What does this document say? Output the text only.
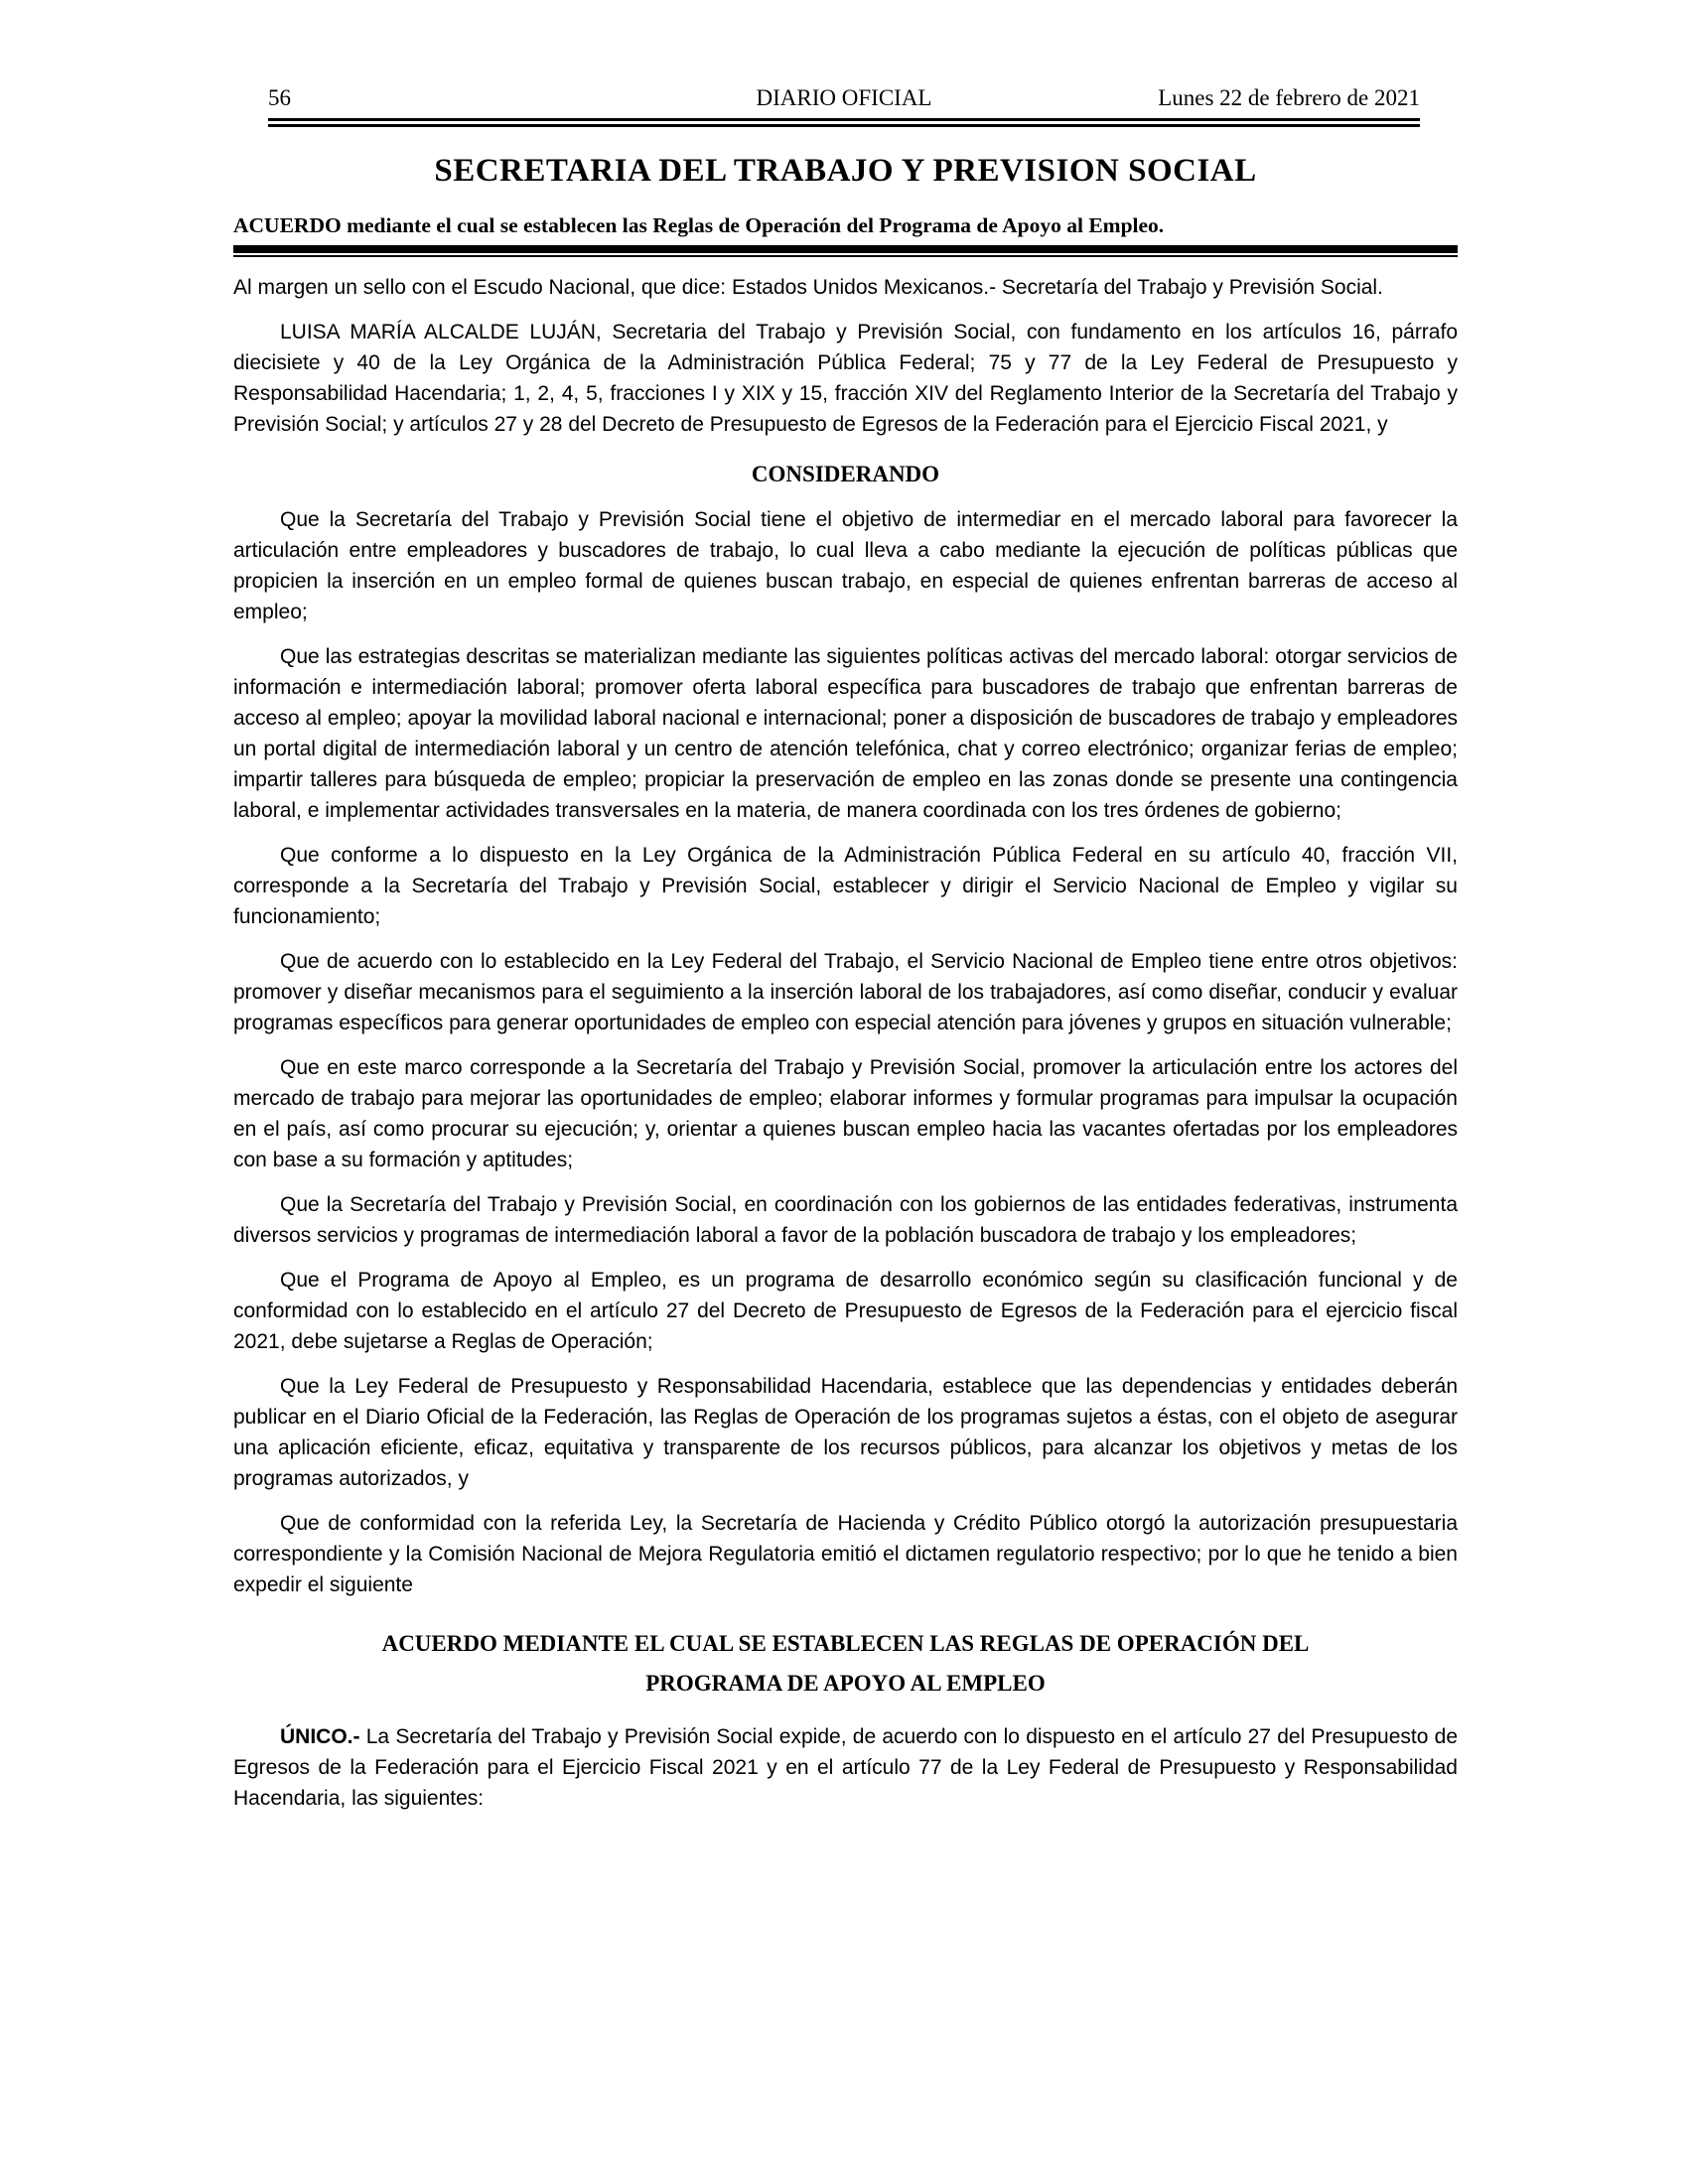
56	DIARIO OFICIAL	Lunes 22 de febrero de 2021
SECRETARIA DEL TRABAJO Y PREVISION SOCIAL

ACUERDO mediante el cual se establecen las Reglas de Operación del Programa de Apoyo al Empleo.

Al margen un sello con el Escudo Nacional, que dice: Estados Unidos Mexicanos.- Secretaría del Trabajo y Previsión Social.

LUISA MARÍA ALCALDE LUJÁN, Secretaria del Trabajo y Previsión Social, con fundamento en los artículos 16, párrafo diecisiete y 40 de la Ley Orgánica de la Administración Pública Federal; 75 y 77 de la Ley Federal de Presupuesto y Responsabilidad Hacendaria; 1, 2, 4, 5, fracciones I y XIX y 15, fracción XIV del Reglamento Interior de la Secretaría del Trabajo y Previsión Social; y artículos 27 y 28 del Decreto de Presupuesto de Egresos de la Federación para el Ejercicio Fiscal 2021, y

CONSIDERANDO

Que la Secretaría del Trabajo y Previsión Social tiene el objetivo de intermediar en el mercado laboral para favorecer la articulación entre empleadores y buscadores de trabajo, lo cual lleva a cabo mediante la ejecución de políticas públicas que propicien la inserción en un empleo formal de quienes buscan trabajo, en especial de quienes enfrentan barreras de acceso al empleo;

Que las estrategias descritas se materializan mediante las siguientes políticas activas del mercado laboral: otorgar servicios de información e intermediación laboral; promover oferta laboral específica para buscadores de trabajo que enfrentan barreras de acceso al empleo; apoyar la movilidad laboral nacional e internacional; poner a disposición de buscadores de trabajo y empleadores un portal digital de intermediación laboral y un centro de atención telefónica, chat y correo electrónico; organizar ferias de empleo; impartir talleres para búsqueda de empleo; propiciar la preservación de empleo en las zonas donde se presente una contingencia laboral, e implementar actividades transversales en la materia, de manera coordinada con los tres órdenes de gobierno;

Que conforme a lo dispuesto en la Ley Orgánica de la Administración Pública Federal en su artículo 40, fracción VII, corresponde a la Secretaría del Trabajo y Previsión Social, establecer y dirigir el Servicio Nacional de Empleo y vigilar su funcionamiento;

Que de acuerdo con lo establecido en la Ley Federal del Trabajo, el Servicio Nacional de Empleo tiene entre otros objetivos: promover y diseñar mecanismos para el seguimiento a la inserción laboral de los trabajadores, así como diseñar, conducir y evaluar programas específicos para generar oportunidades de empleo con especial atención para jóvenes y grupos en situación vulnerable;

Que en este marco corresponde a la Secretaría del Trabajo y Previsión Social, promover la articulación entre los actores del mercado de trabajo para mejorar las oportunidades de empleo; elaborar informes y formular programas para impulsar la ocupación en el país, así como procurar su ejecución; y, orientar a quienes buscan empleo hacia las vacantes ofertadas por los empleadores con base a su formación y aptitudes;

Que la Secretaría del Trabajo y Previsión Social, en coordinación con los gobiernos de las entidades federativas, instrumenta diversos servicios y programas de intermediación laboral a favor de la población buscadora de trabajo y los empleadores;

Que el Programa de Apoyo al Empleo, es un programa de desarrollo económico según su clasificación funcional y de conformidad con lo establecido en el artículo 27 del Decreto de Presupuesto de Egresos de la Federación para el ejercicio fiscal 2021, debe sujetarse a Reglas de Operación;

Que la Ley Federal de Presupuesto y Responsabilidad Hacendaria, establece que las dependencias y entidades deberán publicar en el Diario Oficial de la Federación, las Reglas de Operación de los programas sujetos a éstas, con el objeto de asegurar una aplicación eficiente, eficaz, equitativa y transparente de los recursos públicos, para alcanzar los objetivos y metas de los programas autorizados, y

Que de conformidad con la referida Ley, la Secretaría de Hacienda y Crédito Público otorgó la autorización presupuestaria correspondiente y la Comisión Nacional de Mejora Regulatoria emitió el dictamen regulatorio respectivo; por lo que he tenido a bien expedir el siguiente

ACUERDO MEDIANTE EL CUAL SE ESTABLECEN LAS REGLAS DE OPERACIÓN DEL
PROGRAMA DE APOYO AL EMPLEO

ÚNICO.- La Secretaría del Trabajo y Previsión Social expide, de acuerdo con lo dispuesto en el artículo 27 del Presupuesto de Egresos de la Federación para el Ejercicio Fiscal 2021 y en el artículo 77 de la Ley Federal de Presupuesto y Responsabilidad Hacendaria, las siguientes:
